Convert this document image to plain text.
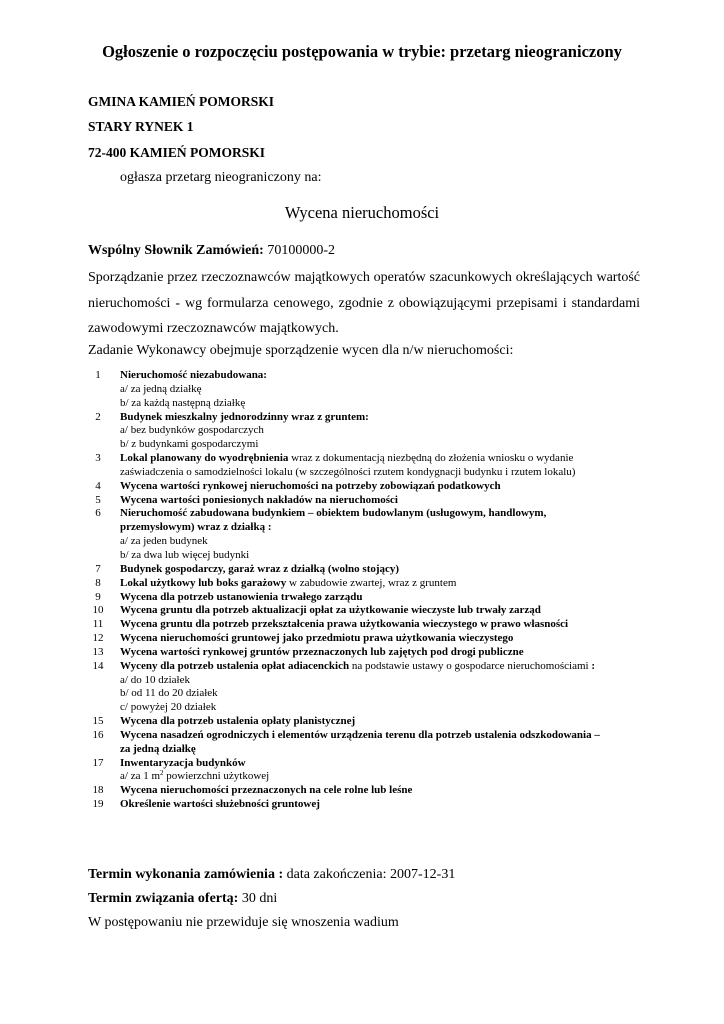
Ogłoszenie o rozpoczęciu postępowania w trybie: przetarg nieograniczony
GMINA KAMIEŃ POMORSKI
STARY RYNEK 1
72-400 KAMIEŃ POMORSKI
ogłasza przetarg nieograniczony na:
Wycena nieruchomości
Wspólny Słownik Zamówień: 70100000-2

Sporządzanie przez rzeczoznawców majątkowych operatów szacunkowych określających wartość nieruchomości - wg formularza cenowego, zgodnie z obowiązującymi przepisami i standardami zawodowymi rzeczoznawców majątkowych.

Zadanie Wykonawcy obejmuje sporządzenie wycen dla n/w nieruchomości:
1	Nieruchomość niezabudowana:
a/ za jedną działkę
b/ za każdą następną działkę
2	Budynek mieszkalny jednorodzinny wraz z gruntem:
a/ bez budynków gospodarczych
b/ z budynkami gospodarczymi
3	Lokal planowany do wyodrębnienia wraz z dokumentacją niezbędną do złożenia wniosku o wydanie zaświadczenia o samodzielności lokalu (w szczególności rzutem kondygnacji budynku i rzutem lokalu)
4	Wycena wartości rynkowej nieruchomości na potrzeby zobowiązań podatkowych
5	Wycena wartości poniesionych nakładów na nieruchomości
6	Nieruchomość zabudowana budynkiem – obiektem budowlanym (usługowym, handlowym, przemysłowym) wraz z działką :
a/ za jeden budynek
b/ za dwa lub więcej budynki
7	Budynek gospodarczy, garaż wraz z działką (wolno stojący)
8	Lokal użytkowy lub boks garażowy w zabudowie zwartej, wraz z gruntem
9	Wycena dla potrzeb ustanowienia trwałego zarządu
10	Wycena gruntu dla potrzeb aktualizacji opłat za użytkowanie wieczyste lub trwały zarząd
11	Wycena gruntu dla potrzeb przekształcenia prawa użytkowania wieczystego w prawo własności
12	Wycena nieruchomości gruntowej jako przedmiotu prawa użytkowania wieczystego
13	Wycena wartości rynkowej gruntów przeznaczonych lub zajętych pod drogi publiczne
14	Wyceny dla potrzeb ustalenia opłat adiacenckich na podstawie ustawy o gospodarce nieruchomościami :
a/ do 10 działek
b/ od 11 do 20 działek
c/ powyżej 20 działek
15	Wycena dla potrzeb ustalenia opłaty planistycznej
16	Wycena nasadzeń ogrodniczych i elementów urządzenia terenu dla potrzeb ustalenia odszkodowania – za jedną działkę
17	Inwentaryzacja budynków
a/ za 1 $m^2$ powierzchni użytkowej
18	Wycena nieruchomości przeznaczonych na cele rolne lub leśne
19	Określenie wartości służebności gruntowej
Termin wykonania zamówienia : data zakończenia: 2007-12-31
Termin związania ofertą: 30 dni
W postępowaniu nie przewiduje się wnoszenia wadium
